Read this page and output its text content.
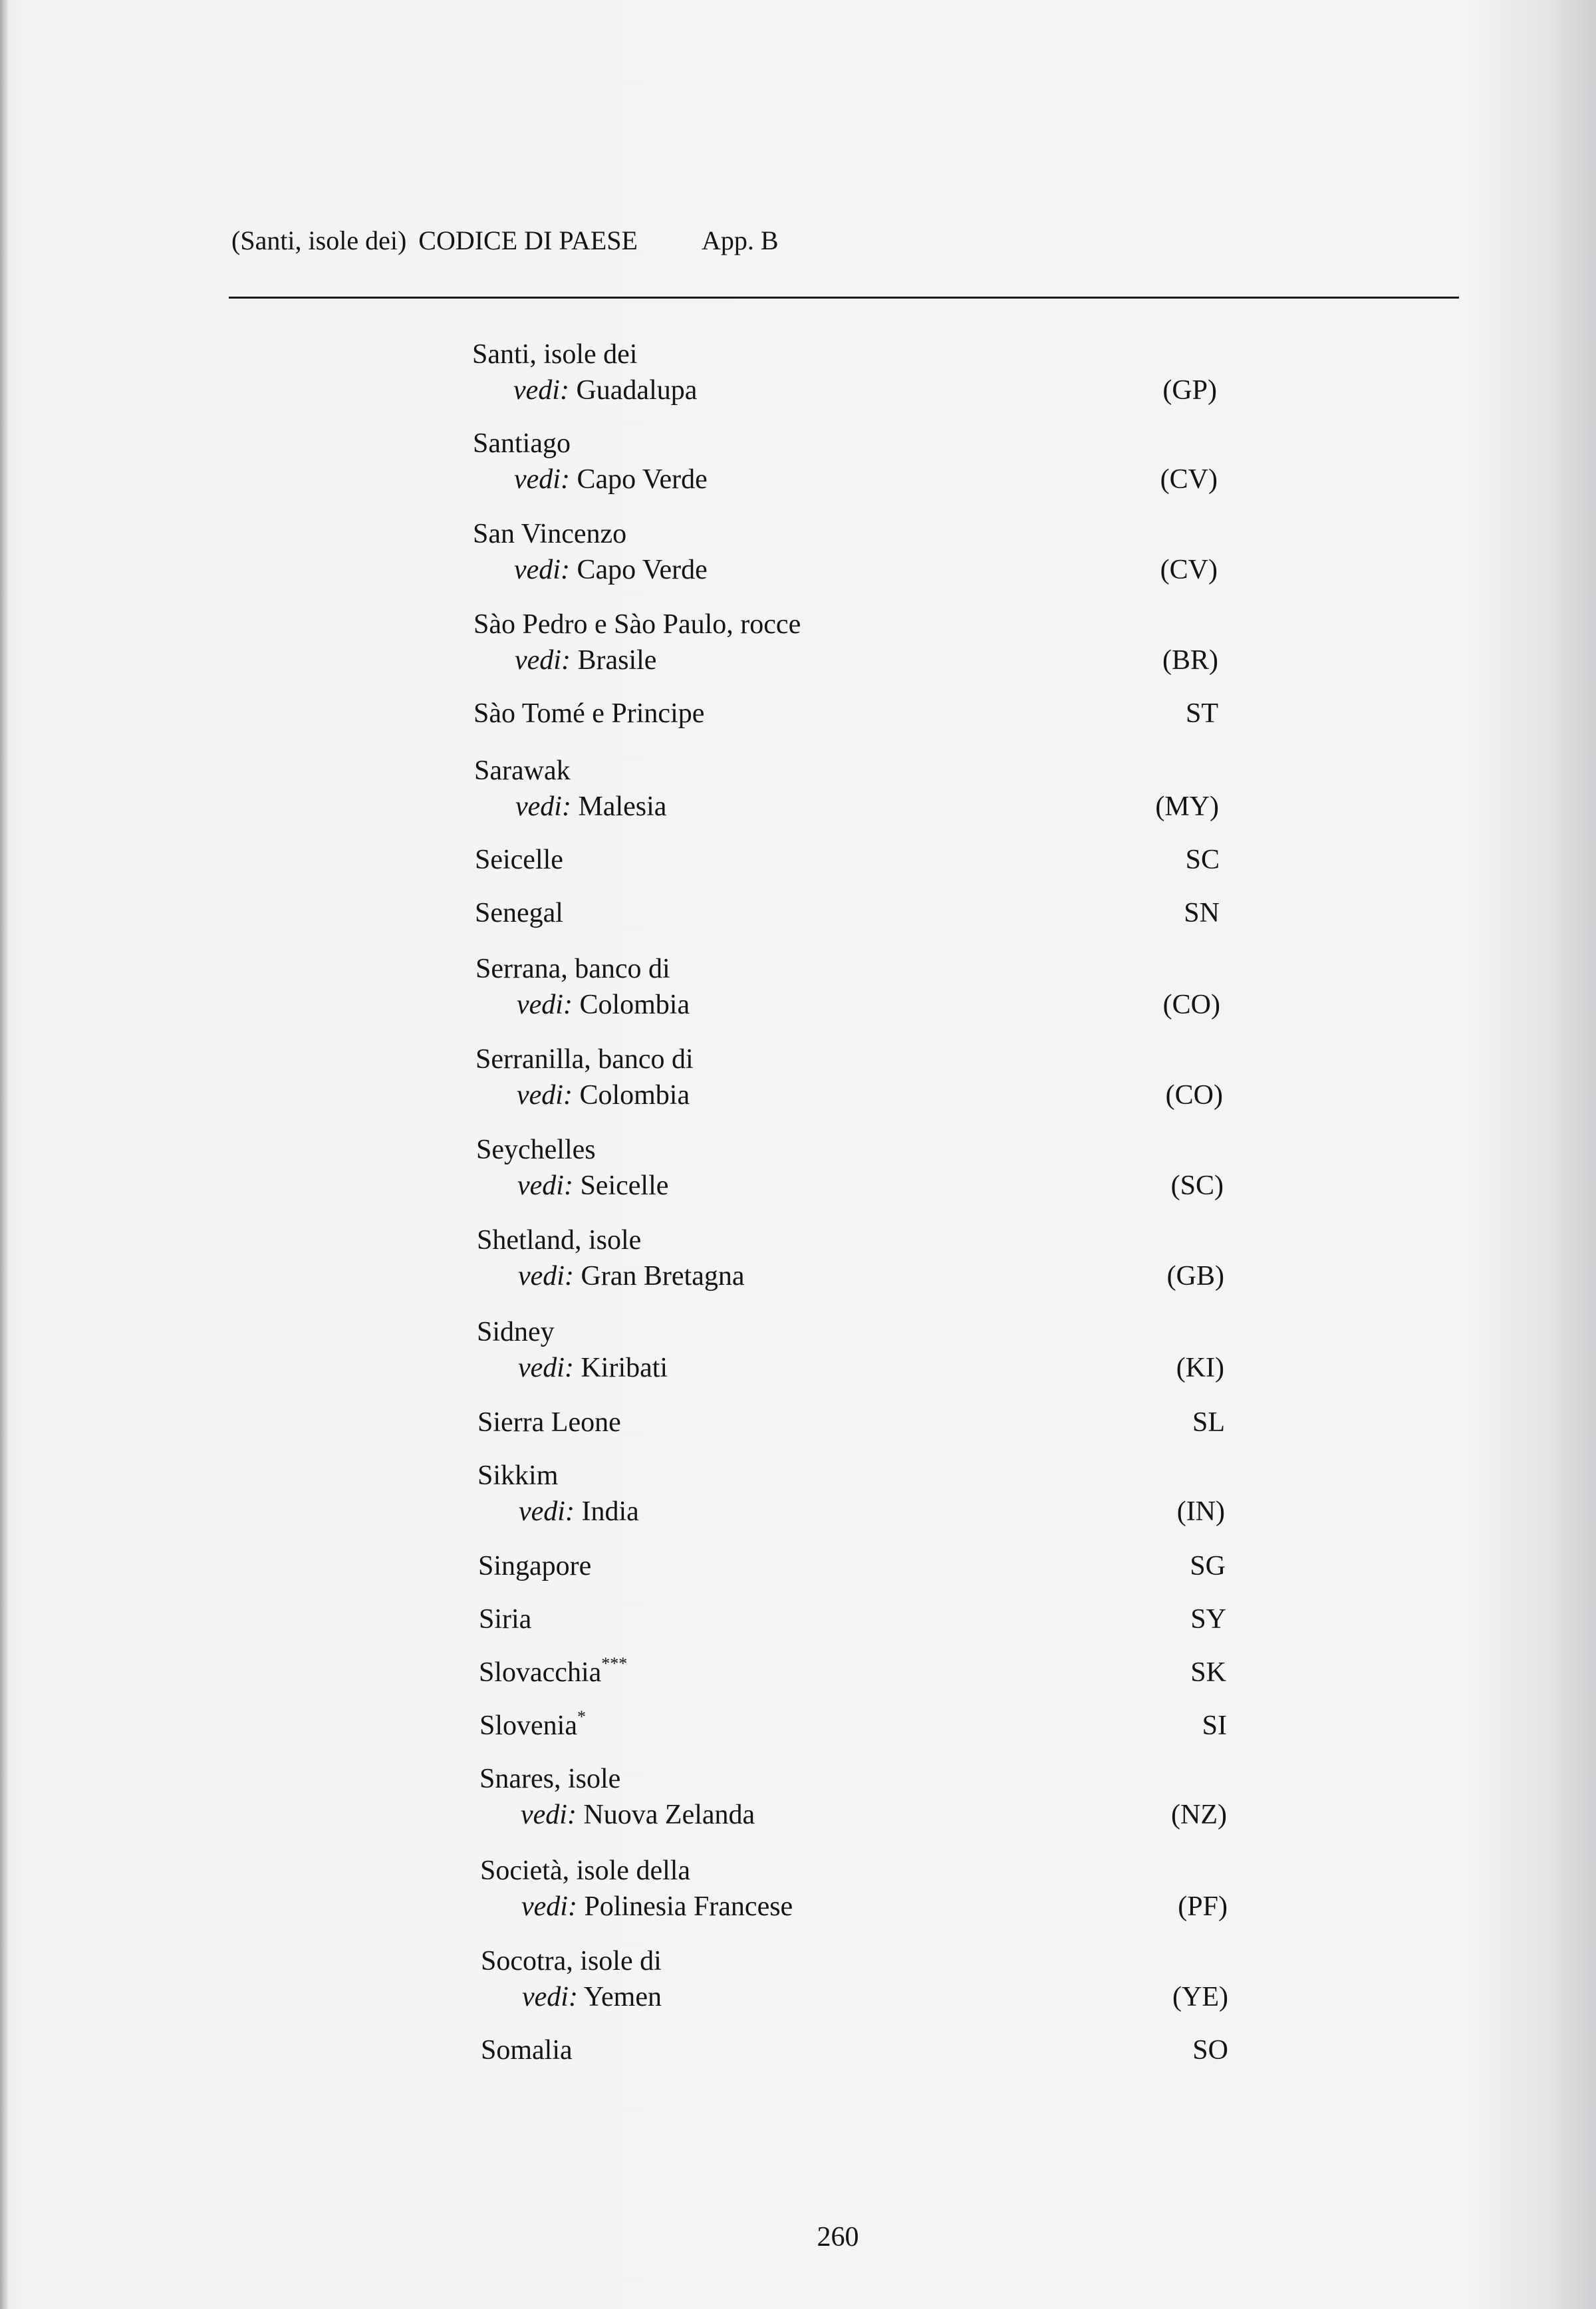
(Santi, isole dei) CODICE DI PAESE App. B
Santi, isole dei
vedi: Guadalupa	(GP)
Santiago
vedi: Capo Verde	(CV)
San Vincenzo
vedi: Capo Verde	(CV)
Sào Pedro e Sào Paulo, rocce
vedi: Brasile	(BR)
Sào Tomé e Principe	ST
Sarawak
vedi: Malesia	(MY)
Seicelle	SC
Senegal	SN
Serrana, banco di
vedi: Colombia	(CO)
Serranilla, banco di
vedi: Colombia	(CO)
Seychelles
vedi: Seicelle	(SC)
Shetland, isole
vedi: Gran Bretagna	(GB)
Sidney
vedi: Kiribati	(KI)
Sierra Leone	SL
Sikkim
vedi: India	(IN)
Singapore	SG
Siria	SY
Slovacchia***	SK
Slovenia*	SI
Snares, isole
vedi: Nuova Zelanda	(NZ)
Società, isole della
vedi: Polinesia Francese	(PF)
Socotra, isole di
vedi: Yemen	(YE)
Somalia	SO
260
